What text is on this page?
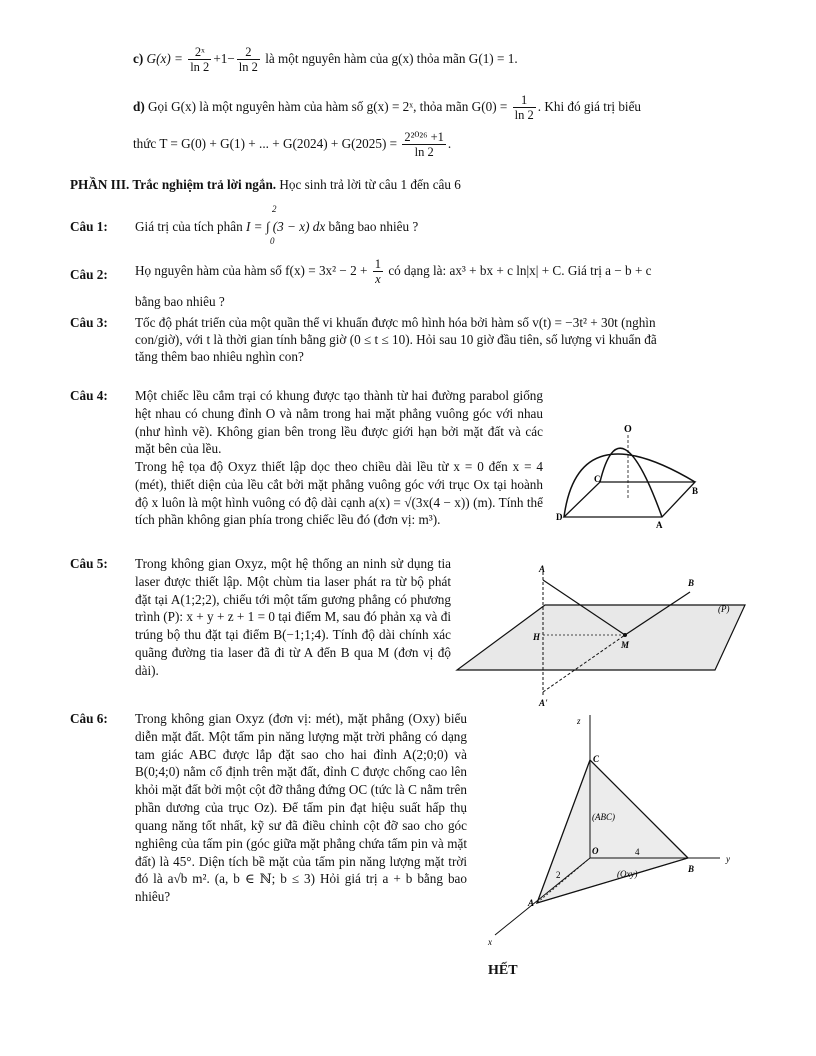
c) $G(x) = \frac{\text{2ˣ}}{\ln 2} +1- \frac{2}{\ln 2}$ là một nguyên hàm của g(x) thỏa mãn G(1) = 1.
d) Gọi G(x) là một nguyên hàm của hàm số g(x) = 2ˣ, thỏa mãn $G(0) = \frac{1}{\ln 2}$ . Khi đó giá trị biểu
thức T = G(0) + G(1) + ... + $G(2024) + G(2025) = \frac{\text{2²⁰²⁶ +1}}{\ln 2}$ .
PHẦN III. Trắc nghiệm trả lời ngắn. Học sinh trả lời từ câu 1 đến câu 6
Câu 1: Giá trị của tích phân
2
0
I = ∫ (3 − x) dx bằng bao nhiêu ?
Câu 2: Họ nguyên hàm của hàm số $f(x) = 3x^2 - 2 + \frac{1}{x}$ có dạng là: ax³ + bx + c ln|x| + C. Giá trị a − b + c
bằng bao nhiêu ?
Câu 3: Tốc độ phát triển của một quần thể vi khuẩn được mô hình hóa bởi hàm số v(t) = −3t² + 30t (nghìn
con/giờ), với t là thời gian tính bằng giờ (0 ≤ t ≤ 10). Hỏi sau 10 giờ đầu tiên, số lượng vi khuẩn đã
tăng thêm bao nhiêu nghìn con?
Câu 4: Một chiếc lều cắm trại có khung được tạo thành từ hai đường parabol giống hệt nhau có chung đỉnh O và nằm trong hai mặt phẳng vuông góc với nhau (như hình vẽ). Không gian bên trong lều được giới hạn bởi mặt đất và các mặt bên của lều.
Trong hệ tọa độ Oxyz thiết lập dọc theo chiều dài lều từ x = 0 đến x = 4 (mét), thiết diện của lều cắt bởi mặt phẳng vuông góc với trục Ox tại hoành độ x luôn là một hình vuông có độ dài cạnh a(x) = √(3x(4 − x)) (m). Tính thể tích phần không gian phía trong chiếc lều đó (đơn vị: m³).
O
C
B
D
A
Câu 5: Trong không gian Oxyz, một hệ thống an ninh sử dụng tia laser được thiết lập. Một chùm tia laser phát ra từ bộ phát đặt tại A(1;2;2), chiếu tới một tấm gương phẳng có phương trình (P): x + y + z + 1 = 0 tại điểm M, sau đó phản xạ và đi trúng bộ thu đặt tại điểm B(−1;1;4). Tính độ dài chính xác quãng đường tia laser đã đi từ A đến B qua M (đơn vị độ dài).
A
B
(P)
H
M
A'
Câu 6: Trong không gian Oxyz (đơn vị: mét), mặt phẳng (Oxy) biểu diễn mặt đất. Một tấm pin năng lượng mặt trời phẳng có dạng tam giác ABC được lắp đặt sao cho hai đỉnh A(2;0;0) và B(0;4;0) nằm cố định trên mặt đất, đỉnh C được chống cao lên khỏi mặt đất bởi một cột đỡ thẳng đứng OC (tức là C nằm trên phần dương của trục Oz). Để tấm pin đạt hiệu suất hấp thụ quang năng tốt nhất, kỹ sư đã điều chỉnh cột đỡ sao cho góc nghiêng của tấm pin (góc giữa mặt phẳng chứa tấm pin và mặt đất) là 45°. Diện tích bề mặt của tấm pin năng lượng mặt trời đó là a√b m². (a, b ∈ ℕ; b ≤ 3) Hỏi giá trị a + b bằng bao nhiêu?
z
C
(ABC)
O	4
2	(Oxy)	B
y
A
x
HẾT
